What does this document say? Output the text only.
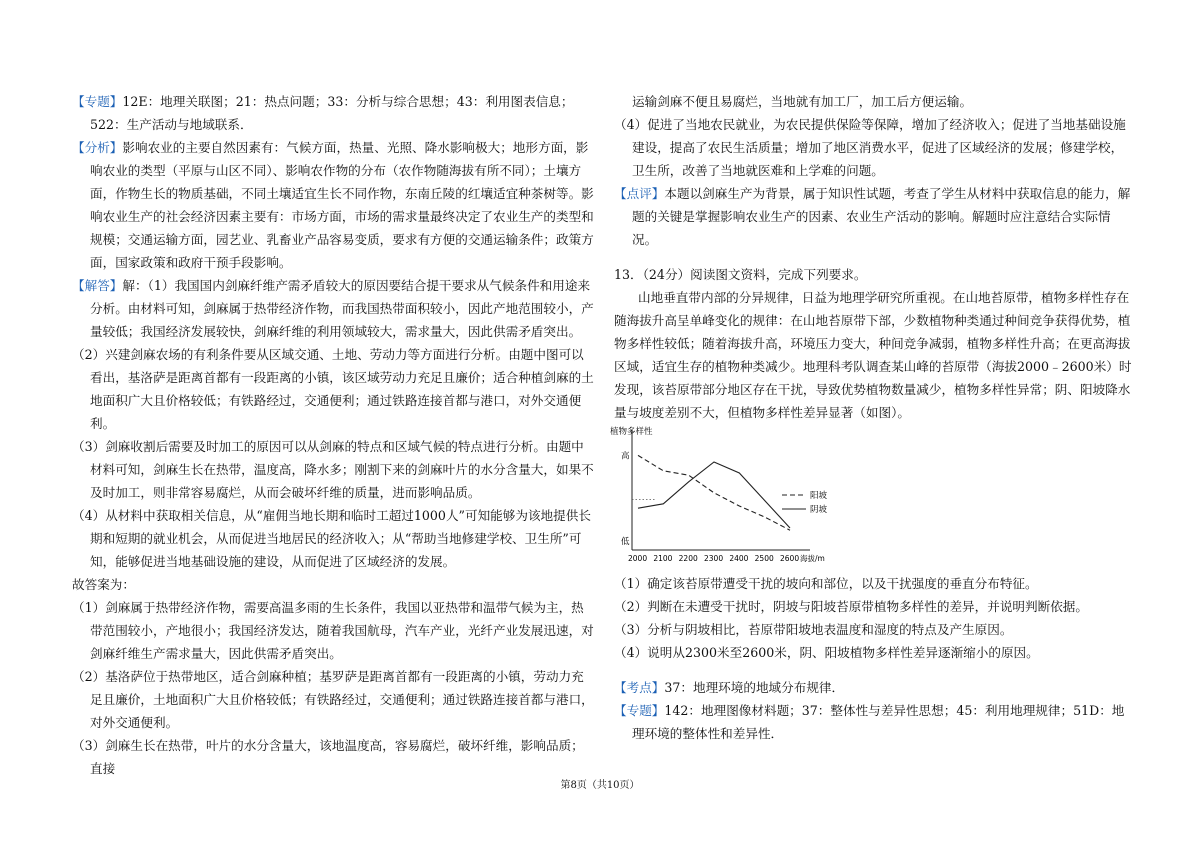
【专题】12E：地理关联图；21：热点问题；33：分析与综合思想；43：利用图表信息；522：生产活动与地域联系．

【分析】影响农业的主要自然因素有：气候方面，热量、光照、降水影响极大；地形方面，影响农业的类型（平原与山区不同）、影响农作物的分布（农作物随海拔有所不同）；土壤方面，作物生长的物质基础，不同土壤适宜生长不同作物，东南丘陵的红壤适宜种茶树等。影响农业生产的社会经济因素主要有：市场方面，市场的需求量最终决定了农业生产的类型和规模；交通运输方面，园艺业、乳畜业产品容易变质，要求有方便的交通运输条件；政策方面，国家政策和政府干预手段影响。

【解答】解：（1）我国国内剑麻纤维产需矛盾较大的原因要结合提干要求从气候条件和用途来分析。由材料可知，剑麻属于热带经济作物，而我国热带面积较小，因此产地范围较小，产量较低；我国经济发展较快，剑麻纤维的利用领域较大，需求量大，因此供需矛盾突出。

（2）兴建剑麻农场的有利条件要从区域交通、土地、劳动力等方面进行分析。由题中图可以看出，基洛萨是距离首都有一段距离的小镇，该区域劳动力充足且廉价；适合种植剑麻的土地面积广大且价格较低；有铁路经过，交通便利；通过铁路连接首都与港口，对外交通便利。

（3）剑麻收割后需要及时加工的原因可以从剑麻的特点和区域气候的特点进行分析。由题中材料可知，剑麻生长在热带，温度高，降水多；刚割下来的剑麻叶片的水分含量大，如果不及时加工，则非常容易腐烂，从而会破坏纤维的质量，进而影响品质。

（4）从材料中获取相关信息，从“雇佣当地长期和临时工超过1000人”可知能够为该地提供长期和短期的就业机会，从而促进当地居民的经济收入；从“帮助当地修建学校、卫生所”可知，能够促进当地基础设施的建设，从而促进了区域经济的发展。

故答案为：

（1）剑麻属于热带经济作物，需要高温多雨的生长条件，我国以亚热带和温带气候为主，热带范围较小，产地很小；我国经济发达，随着我国航母，汽车产业，光纤产业发展迅速，对剑麻纤维生产需求量大，因此供需矛盾突出。

（2）基洛萨位于热带地区，适合剑麻种植；基罗萨是距离首都有一段距离的小镇，劳动力充足且廉价，土地面积广大且价格较低；有铁路经过，交通便利；通过铁路连接首都与港口，对外交通便利。

（3）剑麻生长在热带，叶片的水分含量大，该地温度高，容易腐烂，破坏纤维，影响品质；直接

运输剑麻不便且易腐烂，当地就有加工厂，加工后方便运输。

（4）促进了当地农民就业，为农民提供保险等保障，增加了经济收入；促进了当地基础设施建设，提高了农民生活质量；增加了地区消费水平，促进了区域经济的发展；修建学校，卫生所，改善了当地就医难和上学难的问题。

【点评】本题以剑麻生产为背景，属于知识性试题，考查了学生从材料中获取信息的能力，解题的关键是掌握影响农业生产的因素、农业生产活动的影响。解题时应注意结合实际情况。

13．（24分）阅读图文资料，完成下列要求。

山地垂直带内部的分异规律，日益为地理学研究所重视。在山地苔原带，植物多样性存在随海拔升高呈单峰变化的规律：在山地苔原带下部，少数植物种类通过种间竞争获得优势，植物多样性较低；随着海拔升高，环境压力变大，种间竞争减弱，植物多样性升高；在更高海拔区域，适宜生存的植物种类减少。地理科考队调查某山峰的苔原带（海拔2000﹣2600米）时发现，该苔原带部分地区存在干扰，导致优势植物数量减少，植物多样性异常；阴、阳坡降水量与坡度差别不大，但植物多样性差异显著（如图）。

植物多样性
高
低
2000 2100 2200 2300 2400 2500 2600 海拔/m
阳坡
阴坡

（1）确定该苔原带遭受干扰的坡向和部位，以及干扰强度的垂直分布特征。

（2）判断在未遭受干扰时，阴坡与阳坡苔原带植物多样性的差异，并说明判断依据。

（3）分析与阴坡相比，苔原带阳坡地表温度和湿度的特点及产生原因。

（4）说明从2300米至2600米，阴、阳坡植物多样性差异逐渐缩小的原因。

【考点】37：地理环境的地域分布规律．

【专题】142：地理图像材料题；37：整体性与差异性思想；45：利用地理规律；51D：地理环境的整体性和差异性．

第8页（共10页）
